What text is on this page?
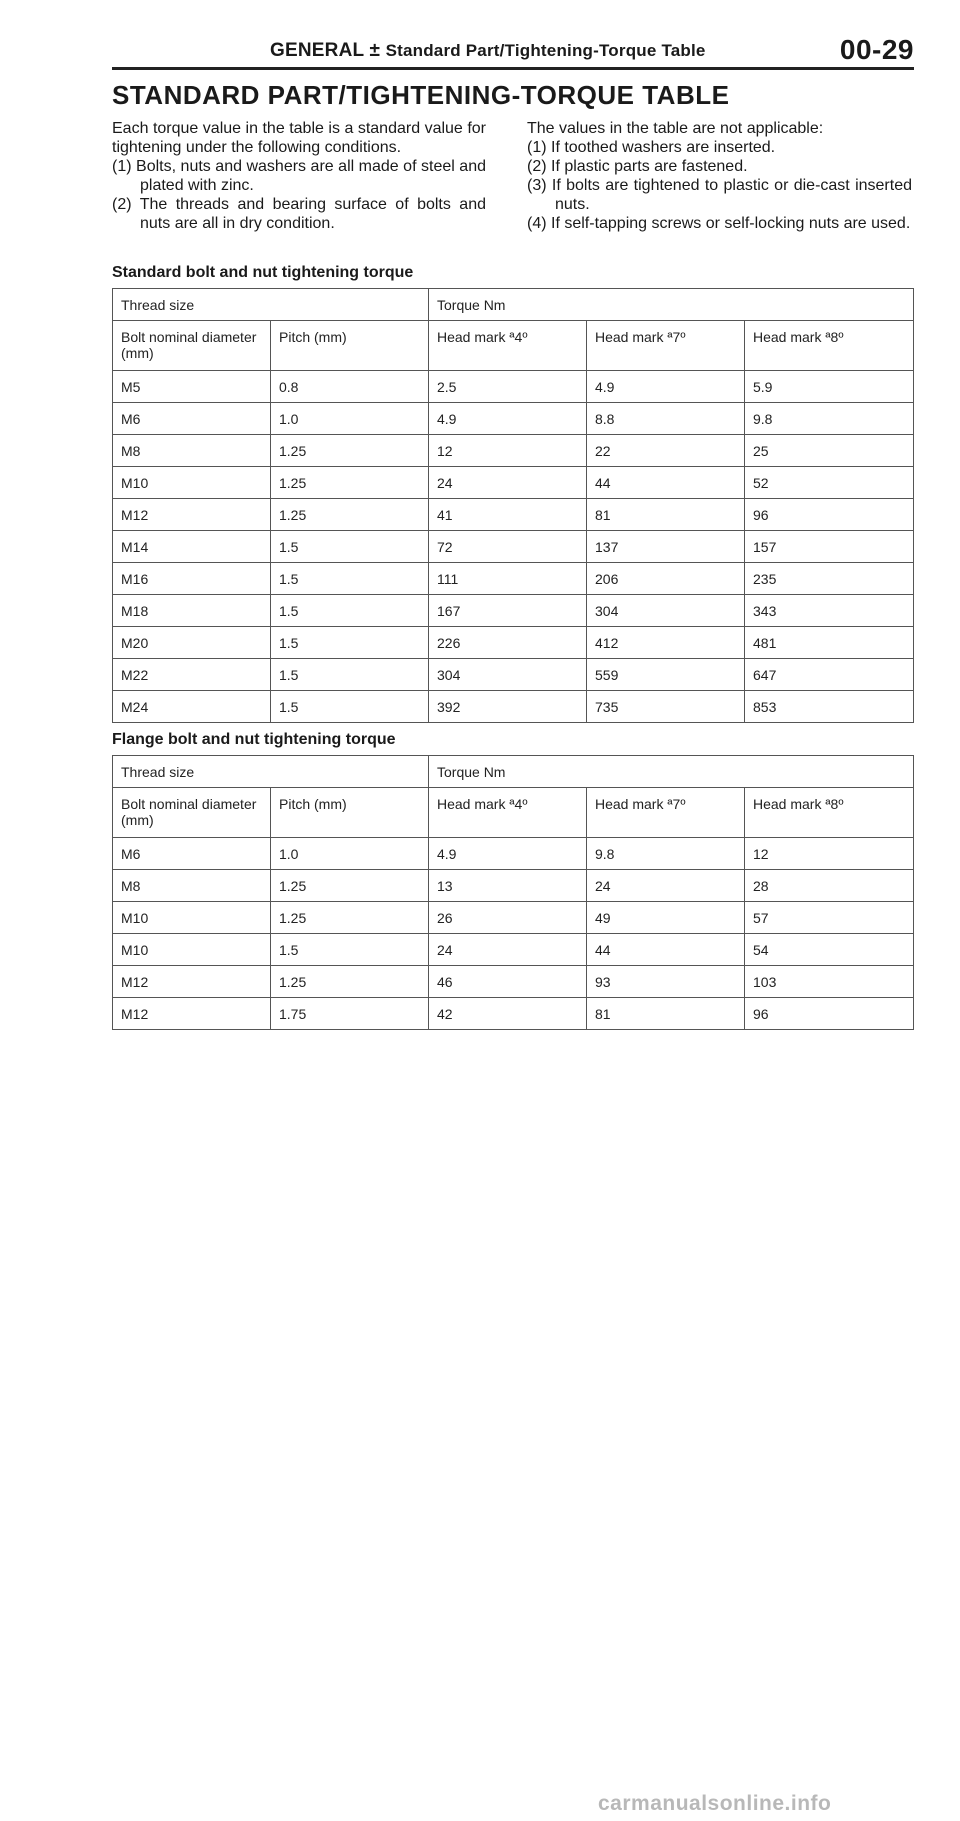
GENERAL ± Standard Part/Tightening-Torque Table	00-29
STANDARD PART/TIGHTENING-TORQUE TABLE

Each torque value in the table is a standard value for tightening under the following conditions.

(1) Bolts, nuts and washers are all made of steel and plated with zinc.

(2) The threads and bearing surface of bolts and nuts are all in dry condition.

The values in the table are not applicable:

(1) If toothed washers are inserted.

(2) If plastic parts are fastened.

(3) If bolts are tightened to plastic or die-cast inserted nuts.

(4) If self-tapping screws or self-locking nuts are used.

Standard bolt and nut tightening torque
Thread size		Torque Nm		
Bolt nominal diameter (mm)	Pitch (mm)	Head mark ª4º	Head mark ª7º	Head mark ª8º
M5	0.8	2.5	4.9	5.9
M6	1.0	4.9	8.8	9.8
M8	1.25	12	22	25
M10	1.25	24	44	52
M12	1.25	41	81	96
M14	1.5	72	137	157
M16	1.5	111	206	235
M18	1.5	167	304	343
M20	1.5	226	412	481
M22	1.5	304	559	647
M24	1.5	392	735	853
Flange bolt and nut tightening torque
Thread size		Torque Nm		
Bolt nominal diameter (mm)	Pitch (mm)	Head mark ª4º	Head mark ª7º	Head mark ª8º
M6	1.0	4.9	9.8	12
M8	1.25	13	24	28
M10	1.25	26	49	57
M10	1.5	24	44	54
M12	1.25	46	93	103
M12	1.75	42	81	96
carmanualsonline.info
